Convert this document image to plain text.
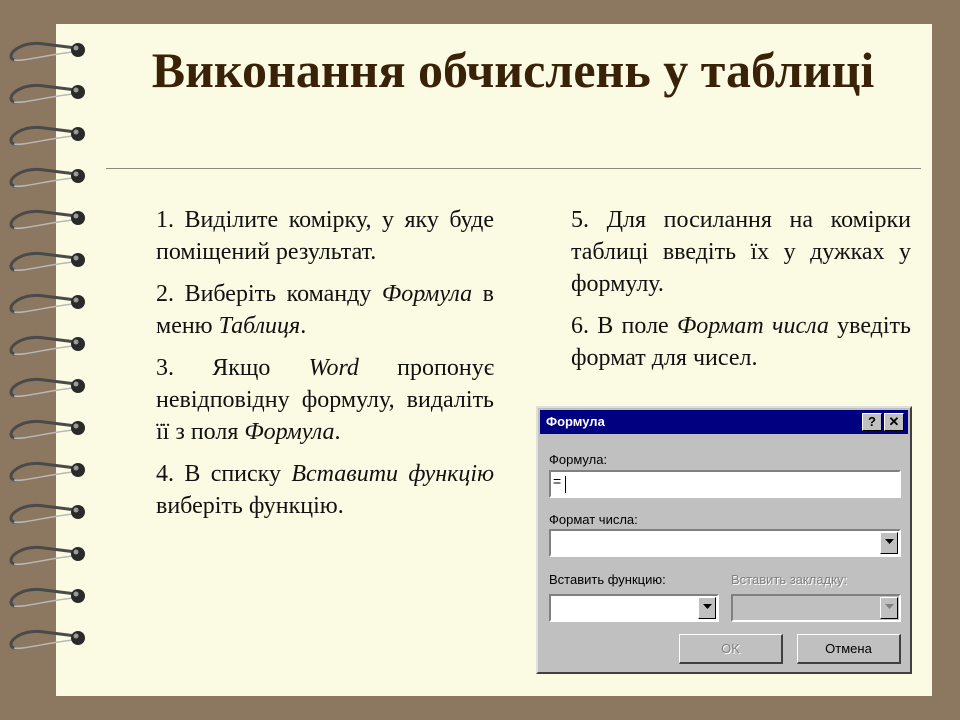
Виконання обчислень у таблиці

1. Виділите комірку, у яку буде поміщений результат.

2. Виберіть команду Формула в меню Таблиця.

3. Якщо Word пропонує невідповідну формулу, видаліть її з поля Формула.

4. В списку Вставити функцію виберіть функцію.

5. Для посилання на комірки таблиці введіть їх у дужках у формулу.

6. В поле Формат числа уведіть формат для чисел.

Формула	? ✕
Формула:
=
Формат числа:
Вставить функцию:	Вставить закладку:
OK	Отмена
